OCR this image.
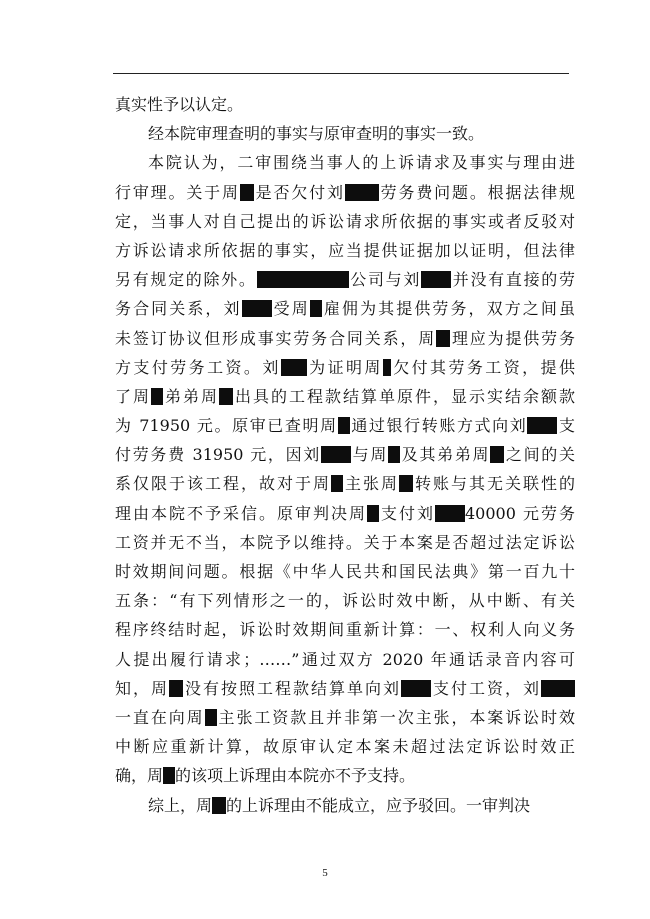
真实性予以认定。
经本院审理查明的事实与原审查明的事实一致。
本院认为，二审围绕当事人的上诉请求及事实与理由进
行审理。关于周 是否欠付刘 劳务费问题。根据法律规
定，当事人对自己提出的诉讼请求所依据的事实或者反驳对
方诉讼请求所依据的事实，应当提供证据加以证明，但法律
另有规定的除外。	公司与刘 并没有直接的劳
务合同关系，刘 受周 雇佣为其提供劳务，双方之间虽
未签订协议但形成事实劳务合同关系，周 理应为提供劳务
方支付劳务工资。刘 为证明周 欠付其劳务工资，提供
了周 弟弟周 出具的工程款结算单原件，显示实结余额款
为 71950 元。原审已查明周 通过银行转账方式向刘 支
付劳务费 31950 元，因刘 与周 及其弟弟周 之间的关
系仅限于该工程，故对于周 主张周 转账与其无关联性的
理由本院不予采信。原审判决周 支付刘 40000 元劳务
工资并无不当，本院予以维持。关于本案是否超过法定诉讼
时效期间问题。根据《中华人民共和国民法典》第一百九十
五条：“有下列情形之一的，诉讼时效中断，从中断、有关
程序终结时起，诉讼时效期间重新计算：一、权利人向义务
人提出履行请求；……”通过双方 2020 年通话录音内容可
知，周 没有按照工程款结算单向刘 支付工资，刘
一直在向周 主张工资款且并非第一次主张，本案诉讼时效
中断应重新计算，故原审认定本案未超过法定诉讼时效正
确，周 的该项上诉理由本院亦不予支持。
综上，周 的上诉理由不能成立，应予驳回。一审判决
5
